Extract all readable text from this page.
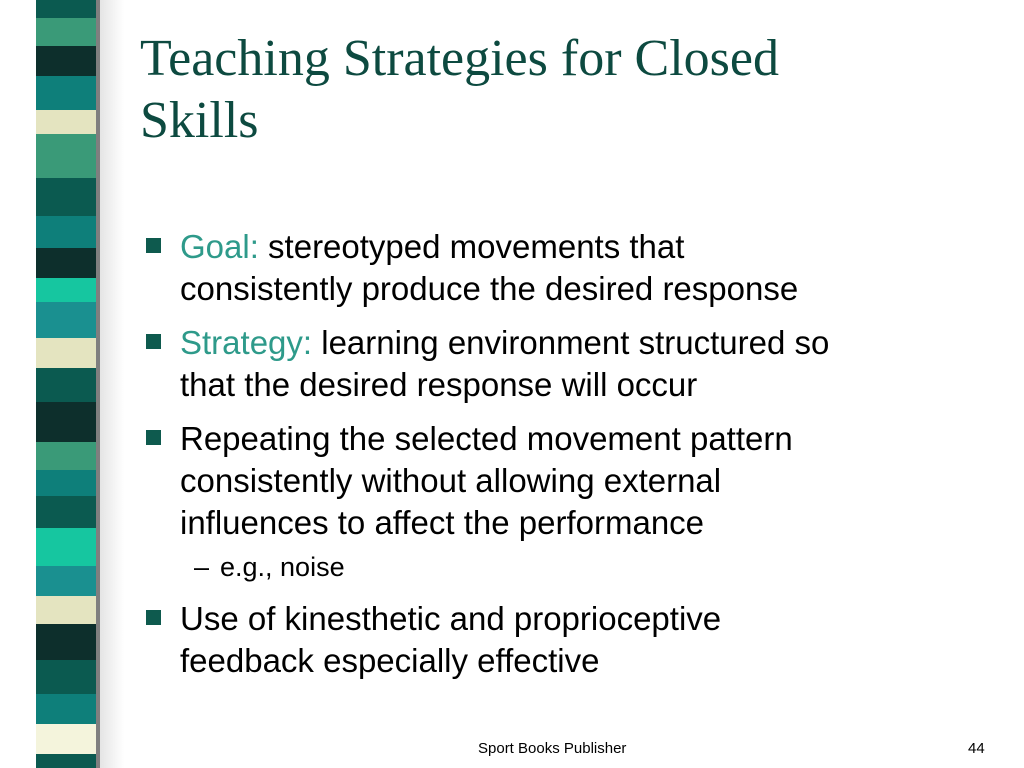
Teaching Strategies for Closed
Skills
Goal: stereotyped movements that
consistently produce the desired response
Strategy: learning environment structured so
that the desired response will occur
Repeating the selected movement pattern
consistently without allowing external
influences to affect the performance
– e.g., noise
Use of kinesthetic and proprioceptive
feedback especially effective
Sport Books Publisher	44
